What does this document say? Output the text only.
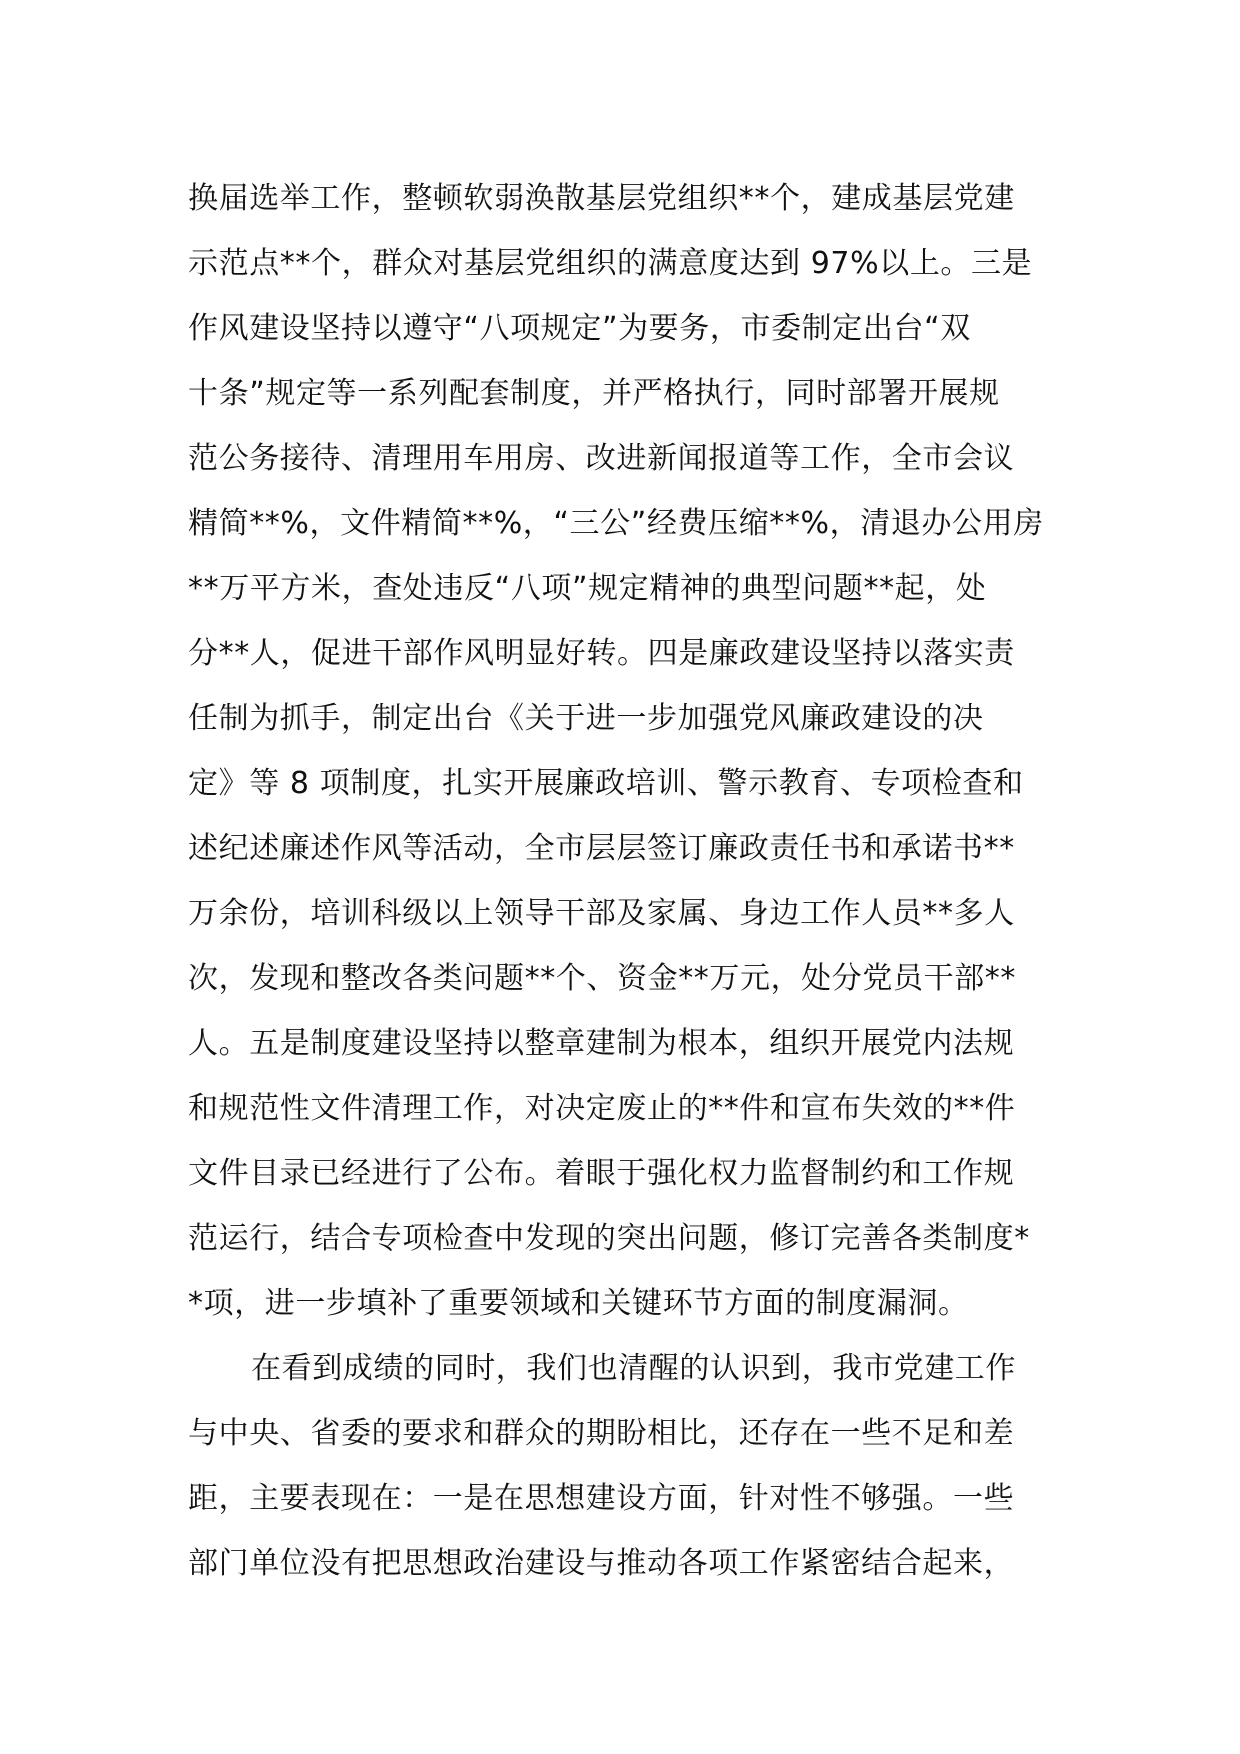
换届选举工作，整顿软弱涣散基层党组织**个，建成基层党建
示范点**个，群众对基层党组织的满意度达到 97%以上。三是
作风建设坚持以遵守“八项规定”为要务，市委制定出台“双
十条”规定等一系列配套制度，并严格执行，同时部署开展规
范公务接待、清理用车用房、改进新闻报道等工作，全市会议
精简**%，文件精简**%，“三公”经费压缩**%，清退办公用房
**万平方米，查处违反“八项”规定精神的典型问题**起，处
分**人，促进干部作风明显好转。四是廉政建设坚持以落实责
任制为抓手，制定出台《关于进一步加强党风廉政建设的决
定》等 8 项制度，扎实开展廉政培训、警示教育、专项检查和
述纪述廉述作风等活动，全市层层签订廉政责任书和承诺书**
万余份，培训科级以上领导干部及家属、身边工作人员**多人
次，发现和整改各类问题**个、资金**万元，处分党员干部**
人。五是制度建设坚持以整章建制为根本，组织开展党内法规
和规范性文件清理工作，对决定废止的**件和宣布失效的**件
文件目录已经进行了公布。着眼于强化权力监督制约和工作规
范运行，结合专项检查中发现的突出问题，修订完善各类制度*
*项，进一步填补了重要领域和关键环节方面的制度漏洞。
在看到成绩的同时，我们也清醒的认识到，我市党建工作
与中央、省委的要求和群众的期盼相比，还存在一些不足和差
距，主要表现在：一是在思想建设方面，针对性不够强。一些
部门单位没有把思想政治建设与推动各项工作紧密结合起来，
